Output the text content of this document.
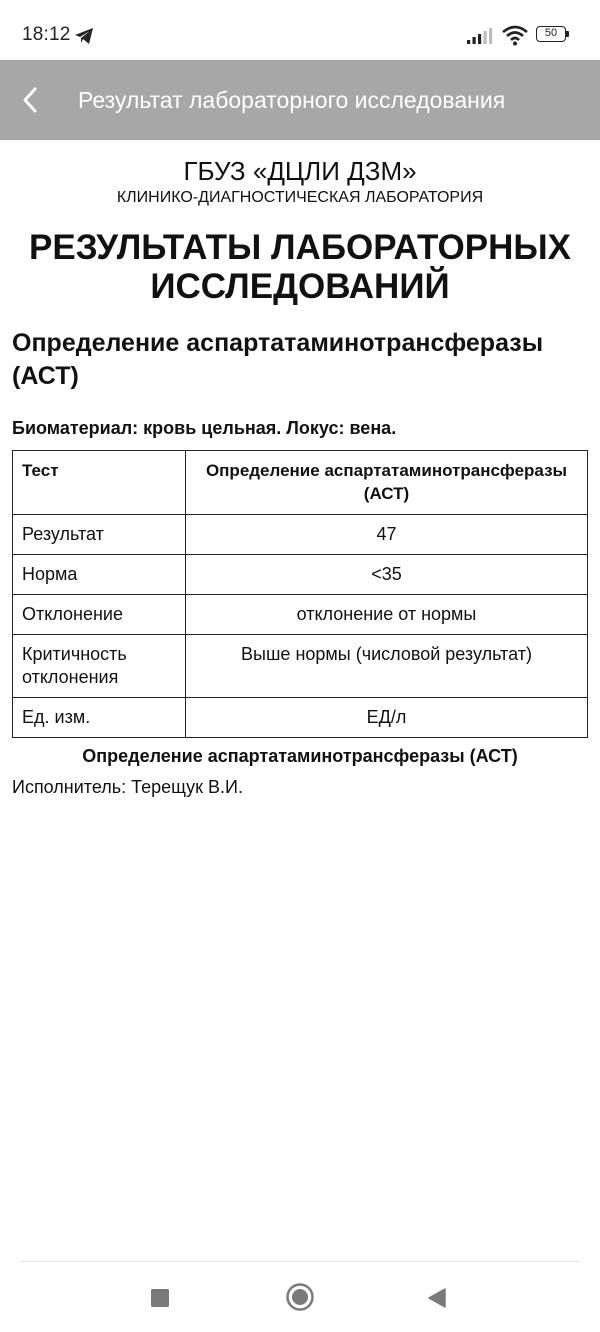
18:12	50
Результат лабораторного исследования
ГБУЗ «ДЦЛИ ДЗМ»
КЛИНИКО-ДИАГНОСТИЧЕСКАЯ ЛАБОРАТОРИЯ
РЕЗУЛЬТАТЫ ЛАБОРАТОРНЫХ
ИССЛЕДОВАНИЙ
Определение аспартатаминотрансферазы (АСТ)
Биоматериал: кровь цельная. Локус: вена.
Тест	Определение аспартатаминотрансферазы (АСТ)
Результат	47
Норма	<35
Отклонение	отклонение от нормы
Критичность отклонения	Выше нормы (числовой результат)
Ед. изм.	ЕД/л
Определение аспартатаминотрансферазы (АСТ)
Исполнитель: Терещук В.И.
